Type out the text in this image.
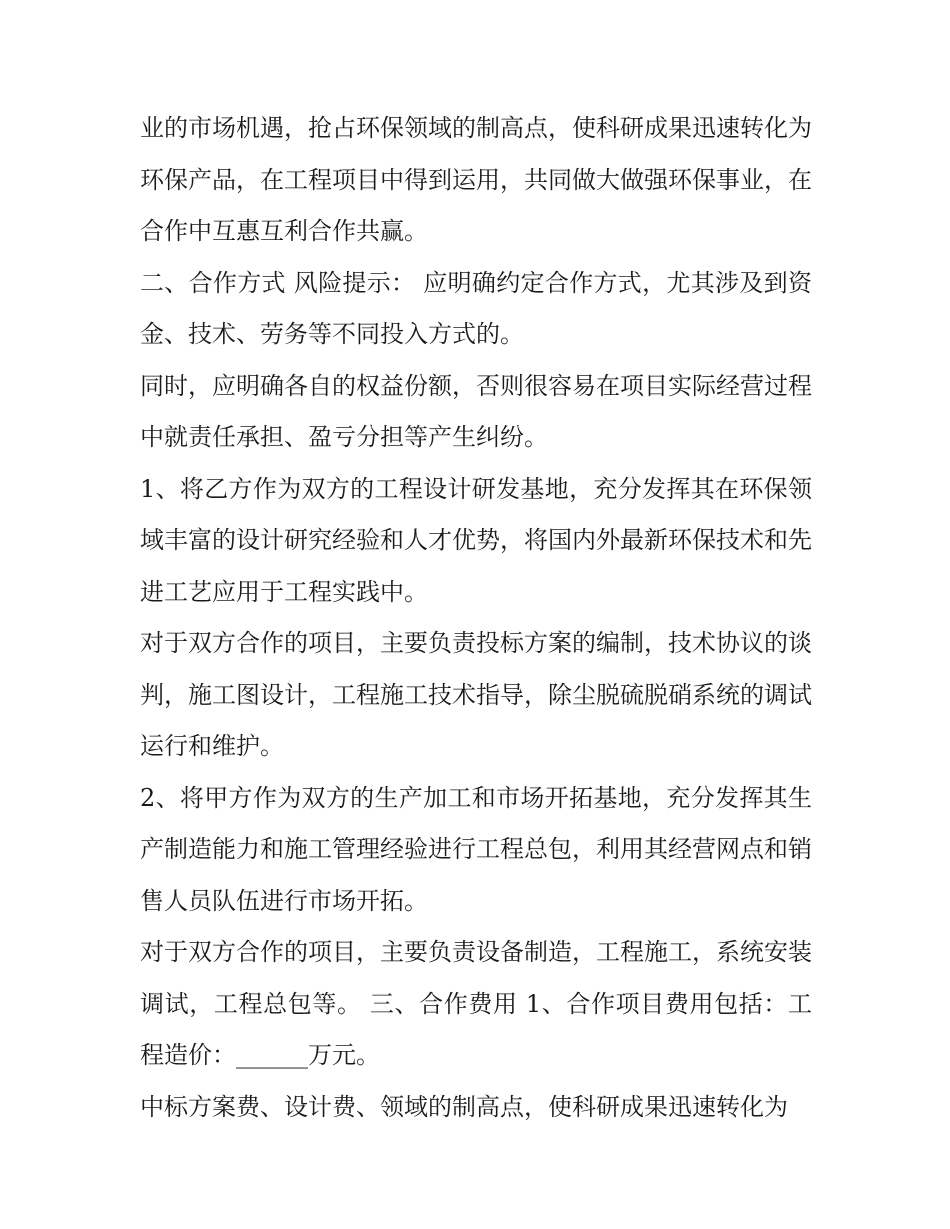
业的市场机遇，抢占环保领域的制高点，使科研成果迅速转化为环保产品，在工程项目中得到运用，共同做大做强环保事业，在合作中互惠互利合作共赢。

二、合作方式 风险提示： 应明确约定合作方式，尤其涉及到资金、技术、劳务等不同投入方式的。

同时，应明确各自的权益份额，否则很容易在项目实际经营过程中就责任承担、盈亏分担等产生纠纷。

1、将乙方作为双方的工程设计研发基地，充分发挥其在环保领域丰富的设计研究经验和人才优势，将国内外最新环保技术和先进工艺应用于工程实践中。

对于双方合作的项目，主要负责投标方案的编制，技术协议的谈判，施工图设计，工程施工技术指导，除尘脱硫脱硝系统的调试运行和维护。

2、将甲方作为双方的生产加工和市场开拓基地，充分发挥其生产制造能力和施工管理经验进行工程总包，利用其经营网点和销售人员队伍进行市场开拓。

对于双方合作的项目，主要负责设备制造，工程施工，系统安装调试，工程总包等。 三、合作费用 1、合作项目费用包括：工程造价：______万元。

中标方案费、设计费、领域的制高点，使科研成果迅速转化为
